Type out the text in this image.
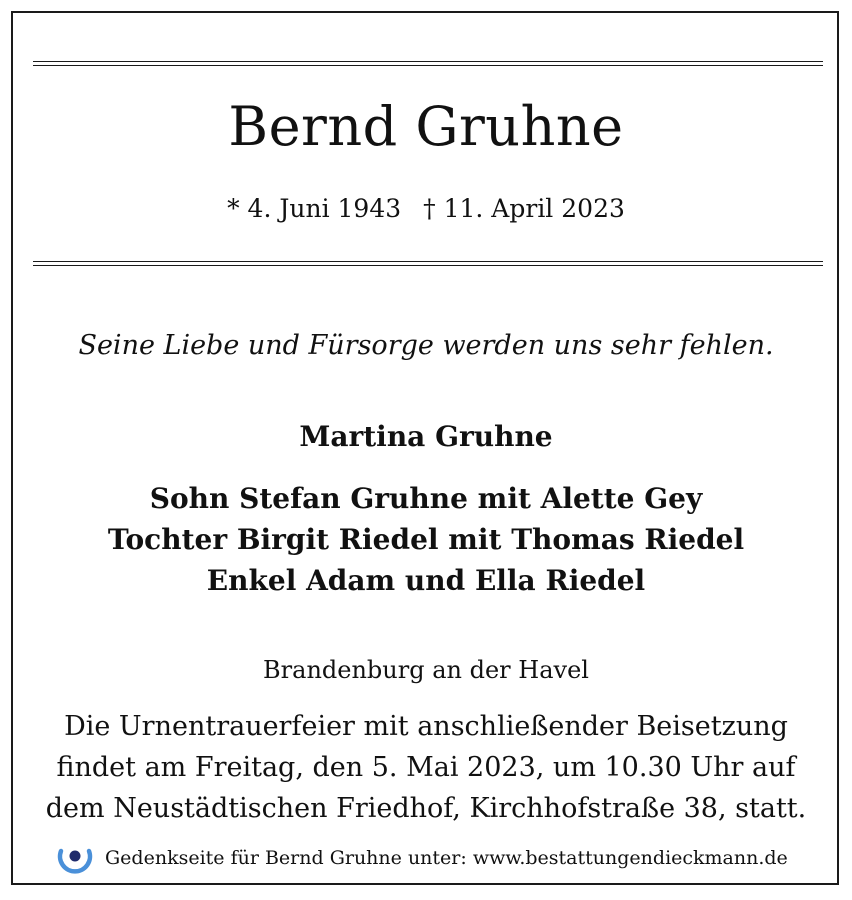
Bernd Gruhne
* 4. Juni 1943 † 11. April 2023
Seine Liebe und Fürsorge werden uns sehr fehlen.
Martina Gruhne
Sohn Stefan Gruhne mit Alette Gey
Tochter Birgit Riedel mit Thomas Riedel
Enkel Adam und Ella Riedel
Brandenburg an der Havel
Die Urnentrauerfeier mit anschließender Beisetzung
findet am Freitag, den 5. Mai 2023, um 10.30 Uhr auf
dem Neustädtischen Friedhof, Kirchhofstraße 38, statt.
Gedenkseite für Bernd Gruhne unter: www.bestattungendieckmann.de
